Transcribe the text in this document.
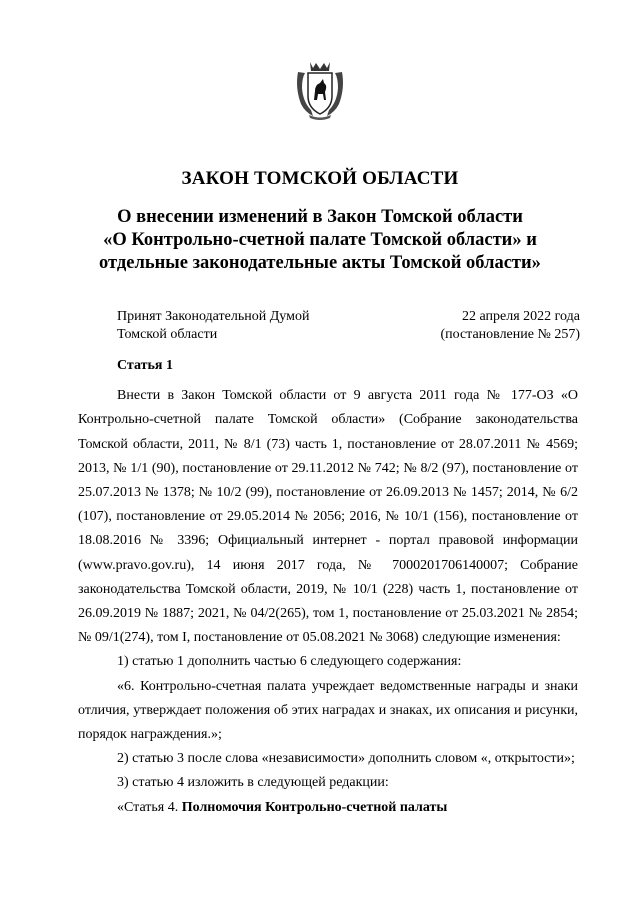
ЗАКОН ТОМСКОЙ ОБЛАСТИ
О внесении изменений в Закон Томской области
«О Контрольно-счетной палате Томской области» и
отдельные законодательные акты Томской области»
Принят Законодательной Думой
Томской области
22 апреля 2022 года
(постановление № 257)

Статья 1

Внести в Закон Томской области от 9 августа 2011 года № 177-ОЗ «О Контрольно-счетной палате Томской области» (Собрание законодательства Томской области, 2011, № 8/1 (73) часть 1, постановление от 28.07.2011 № 4569; 2013, № 1/1 (90), постановление от 29.11.2012 № 742; № 8/2 (97), постановление от 25.07.2013 № 1378; № 10/2 (99), постановление от 26.09.2013 № 1457; 2014, № 6/2 (107), постановление от 29.05.2014 № 2056; 2016, № 10/1 (156), постановление от 18.08.2016 № 3396; Официальный интернет - портал правовой информации (www.pravo.gov.ru), 14 июня 2017 года, № 7000201706140007; Собрание законодательства Томской области, 2019, № 10/1 (228) часть 1, постановление от 26.09.2019 № 1887; 2021, № 04/2(265), том 1, постановление от 25.03.2021 № 2854; № 09/1(274), том I, постановление от 05.08.2021 № 3068) следующие изменения:

1) статью 1 дополнить частью 6 следующего содержания:

«6. Контрольно-счетная палата учреждает ведомственные награды и знаки отличия, утверждает положения об этих наградах и знаках, их описания и рисунки, порядок награждения.»;

2) статью 3 после слова «независимости» дополнить словом «, открытости»;

3) статью 4 изложить в следующей редакции:

«Статья 4. Полномочия Контрольно-счетной палаты
